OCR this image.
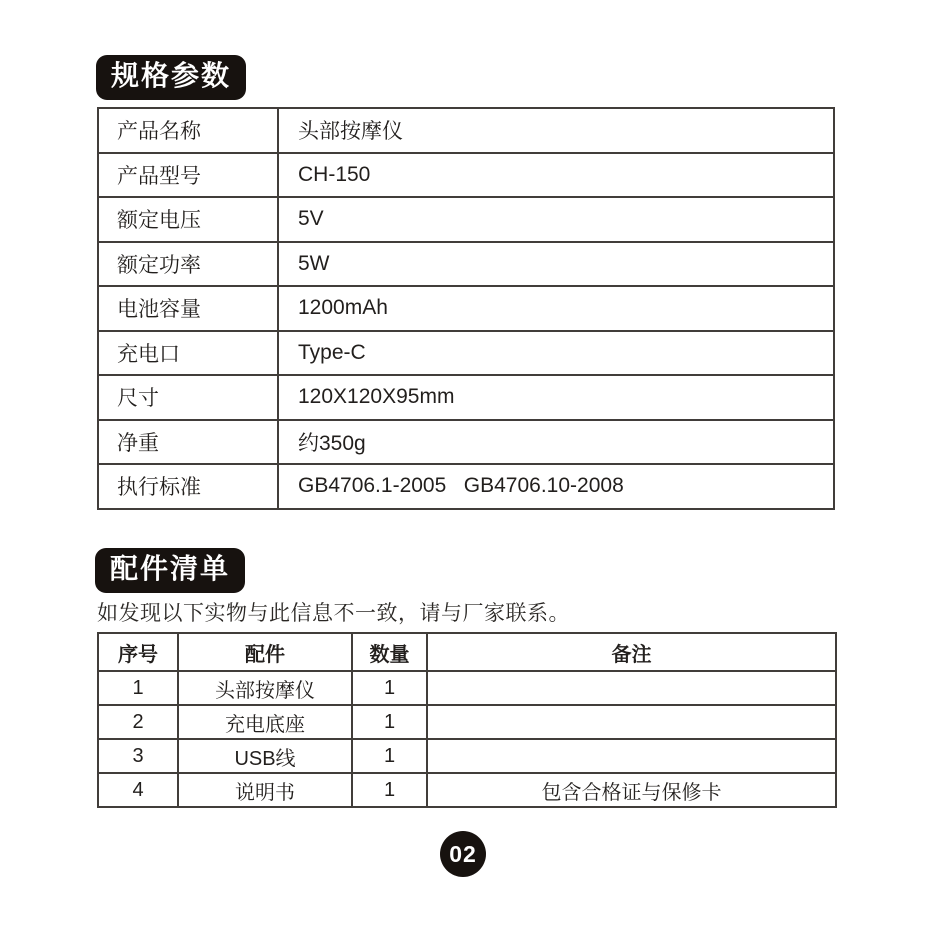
规格参数
产品名称	头部按摩仪
产品型号	CH-150
额定电压	5V
额定功率	5W
电池容量	1200mAh
充电口	Type-C
尺寸	120X120X95mm
净重	约350g
执行标准	GB4706.1-2005   GB4706.10-2008
配件清单
如发现以下实物与此信息不一致，请与厂家联系。
序号	配件	数量	备注
1	头部按摩仪	1	
2	充电底座	1	
3	USB线	1	
4	说明书	1	包含合格证与保修卡
02
